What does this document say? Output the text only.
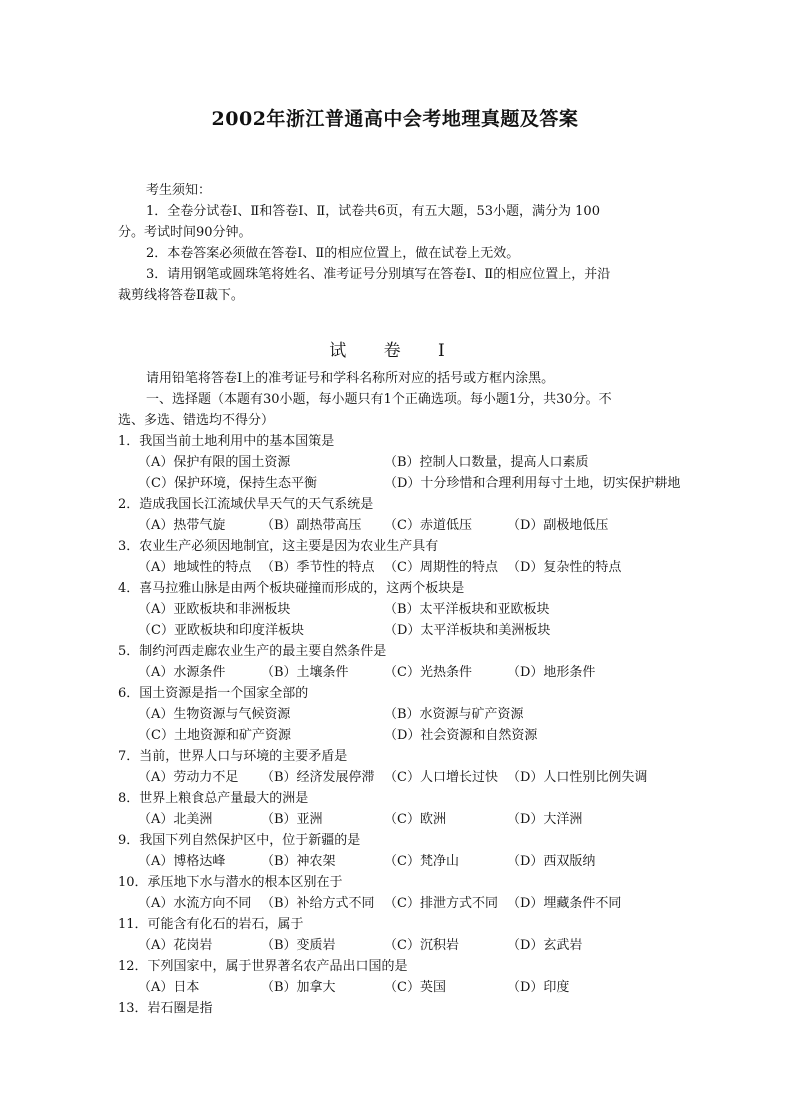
2002年浙江普通高中会考地理真题及答案
考生须知：
1．全卷分试卷Ⅰ、Ⅱ和答卷Ⅰ、Ⅱ，试卷共6页，有五大题，53小题，满分为 100
分。考试时间90分钟。
2．本卷答案必须做在答卷Ⅰ、Ⅱ的相应位置上，做在试卷上无效。
3．请用钢笔或圆珠笔将姓名、准考证号分别填写在答卷Ⅰ、Ⅱ的相应位置上，并沿
裁剪线将答卷Ⅱ裁下。
试 卷 Ⅰ
请用铅笔将答卷Ⅰ上的准考证号和学科名称所对应的括号或方框内涂黑。
一、选择题（本题有30小题，每小题只有1个正确选项。每小题1分，共30分。不
选、多选、错选均不得分）
1．我国当前土地利用中的基本国策是
（A）保护有限的国土资源	（B）控制人口数量，提高人口素质
（C）保护环境，保持生态平衡	（D）十分珍惜和合理利用每寸土地，切实保护耕地
2．造成我国长江流域伏旱天气的天气系统是
（A）热带气旋	（B）副热带高压 （C）赤道低压	（D）副极地低压
3．农业生产必须因地制宜，这主要是因为农业生产具有
（A）地域性的特点 （B）季节性的特点 （C）周期性的特点 （D）复杂性的特点
4．喜马拉雅山脉是由两个板块碰撞而形成的，这两个板块是
（A）亚欧板块和非洲板块	（B）太平洋板块和亚欧板块
（C）亚欧板块和印度洋板块	（D）太平洋板块和美洲板块
5．制约河西走廊农业生产的最主要自然条件是
（A）水源条件	（B）土壤条件	（C）光热条件	（D）地形条件
6．国土资源是指一个国家全部的
（A）生物资源与气候资源	（B）水资源与矿产资源
（C）土地资源和矿产资源	（D）社会资源和自然资源
7．当前，世界人口与环境的主要矛盾是
（A）劳动力不足 （B）经济发展停滞 （C）人口增长过快 （D）人口性别比例失调
8．世界上粮食总产量最大的洲是
（A）北美洲	（B）亚洲	（C）欧洲	（D）大洋洲
9．我国下列自然保护区中，位于新疆的是
（A）博格达峰	（B）神农架	（C）梵净山	（D）西双版纳
10．承压地下水与潜水的根本区别在于
（A）水流方向不同 （B）补给方式不同 （C）排泄方式不同 （D）埋藏条件不同
11．可能含有化石的岩石，属于
（A）花岗岩	（B）变质岩	（C）沉积岩	（D）玄武岩
12．下列国家中，属于世界著名农产品出口国的是
（A）日本	（B）加拿大	（C）英国	（D）印度
13．岩石圈是指
